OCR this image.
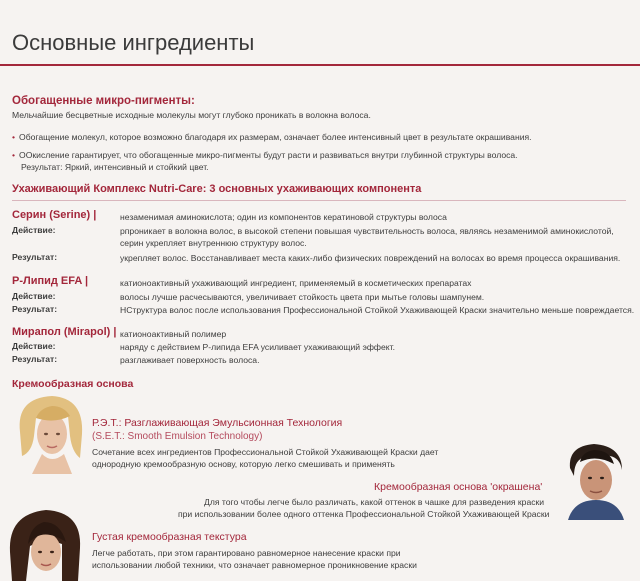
Основные ингредиенты
Обогащенные микро-пигменты:
Мельчайшие бесцветные исходные молекулы могут глубоко проникать в волокна волоса.
• Обогащение молекул, которое возможно благодаря их размерам, означает более интенсивный цвет в результате окрашивания.
• ООкисление гарантирует, что обогащенные микро-пигменты будут расти и развиваться внутри глубинной структуры волоса.
Результат: Яркий, интенсивный и стойкий цвет.
Ухаживающий Комплекс Nutri-Care: 3 основных ухаживающих компонента
Серин (Serine) |	незаменимая аминокислота; один из компонентов кератиновой структуры волоса
Действие:	рпроникает в волокна волос, в высокой степени повышая чувствительность волоса, являясь незаменимой аминокислотой,
серин укрепляет внутреннюю структуру волос.
Результат:	укрепляет волос. Восстанавливает места каких-либо физических повреждений на волосах во время процесса окрашивания.
Р-Липид EFA |	катионоактивный ухаживающий ингредиент, применяемый в косметических препаратах
Действие:	волосы лучше расчесываются, увеличивает стойкость цвета при мытье головы шампунем.
Результат:	НСтруктура волос после использования Профессиональной Стойкой Ухаживающей Краски значительно меньше повреждается.
Мирапол (Mirapol) | катионоактивный полимер
Действие:	наряду с действием Р-липида EFA усиливает ухаживающий эффект.
Результат:	разглаживает поверхность волоса.
Кремообразная основа
Р.Э.Т.: Разглаживающая Эмульсионная Технология
(S.E.T.: Smooth Emulsion Technology)
Сочетание всех ингредиентов Профессиональной Стойкой Ухаживающей Краски дает
однородную кремообразную основу, которую легко смешивать и применять
Кремообразная основа 'окрашена'
Для того чтобы легче было различать, какой оттенок в чашке для разведения краски
при использовании более одного оттенка Профессиональной Стойкой Ухаживающей Краски
Густая кремообразная текстура
Легче работать, при этом гарантировано равномерное нанесение краски при
использовании любой техники, что означает равномерное проникновение краски
